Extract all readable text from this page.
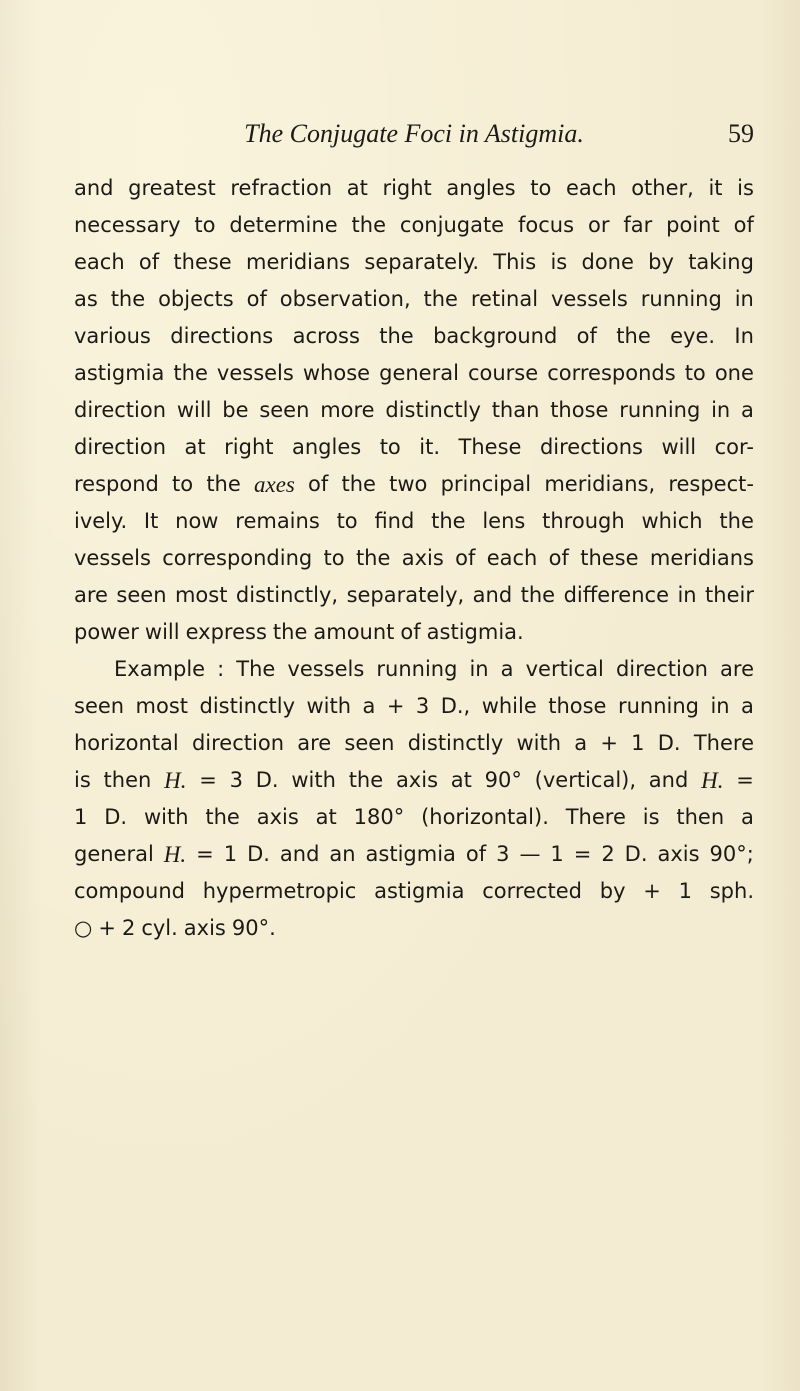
The Conjugate Foci in Astigmia.	59
and greatest refraction at right angles to each other, it is
necessary to determine the conjugate focus or far point of
each of these meridians separately. This is done by taking
as the objects of observation, the retinal vessels running in
various directions across the background of the eye. In
astigmia the vessels whose general course corresponds to one
direction will be seen more distinctly than those running in a
direction at right angles to it. These directions will cor-
respond to the axes of the two principal meridians, respect-
ively. It now remains to find the lens through which the
vessels corresponding to the axis of each of these meridians
are seen most distinctly, separately, and the difference in their
power will express the amount of astigmia.
Example : The vessels running in a vertical direction are
seen most distinctly with a + 3 D., while those running in a
horizontal direction are seen distinctly with a + 1 D. There
is then H. = 3 D. with the axis at 90° (vertical), and H. =
1 D. with the axis at 180° (horizontal). There is then a
general H. = 1 D. and an astigmia of 3 — 1 = 2 D. axis 90°;
compound hypermetropic astigmia corrected by + 1 sph.
○ + 2 cyl. axis 90°.
